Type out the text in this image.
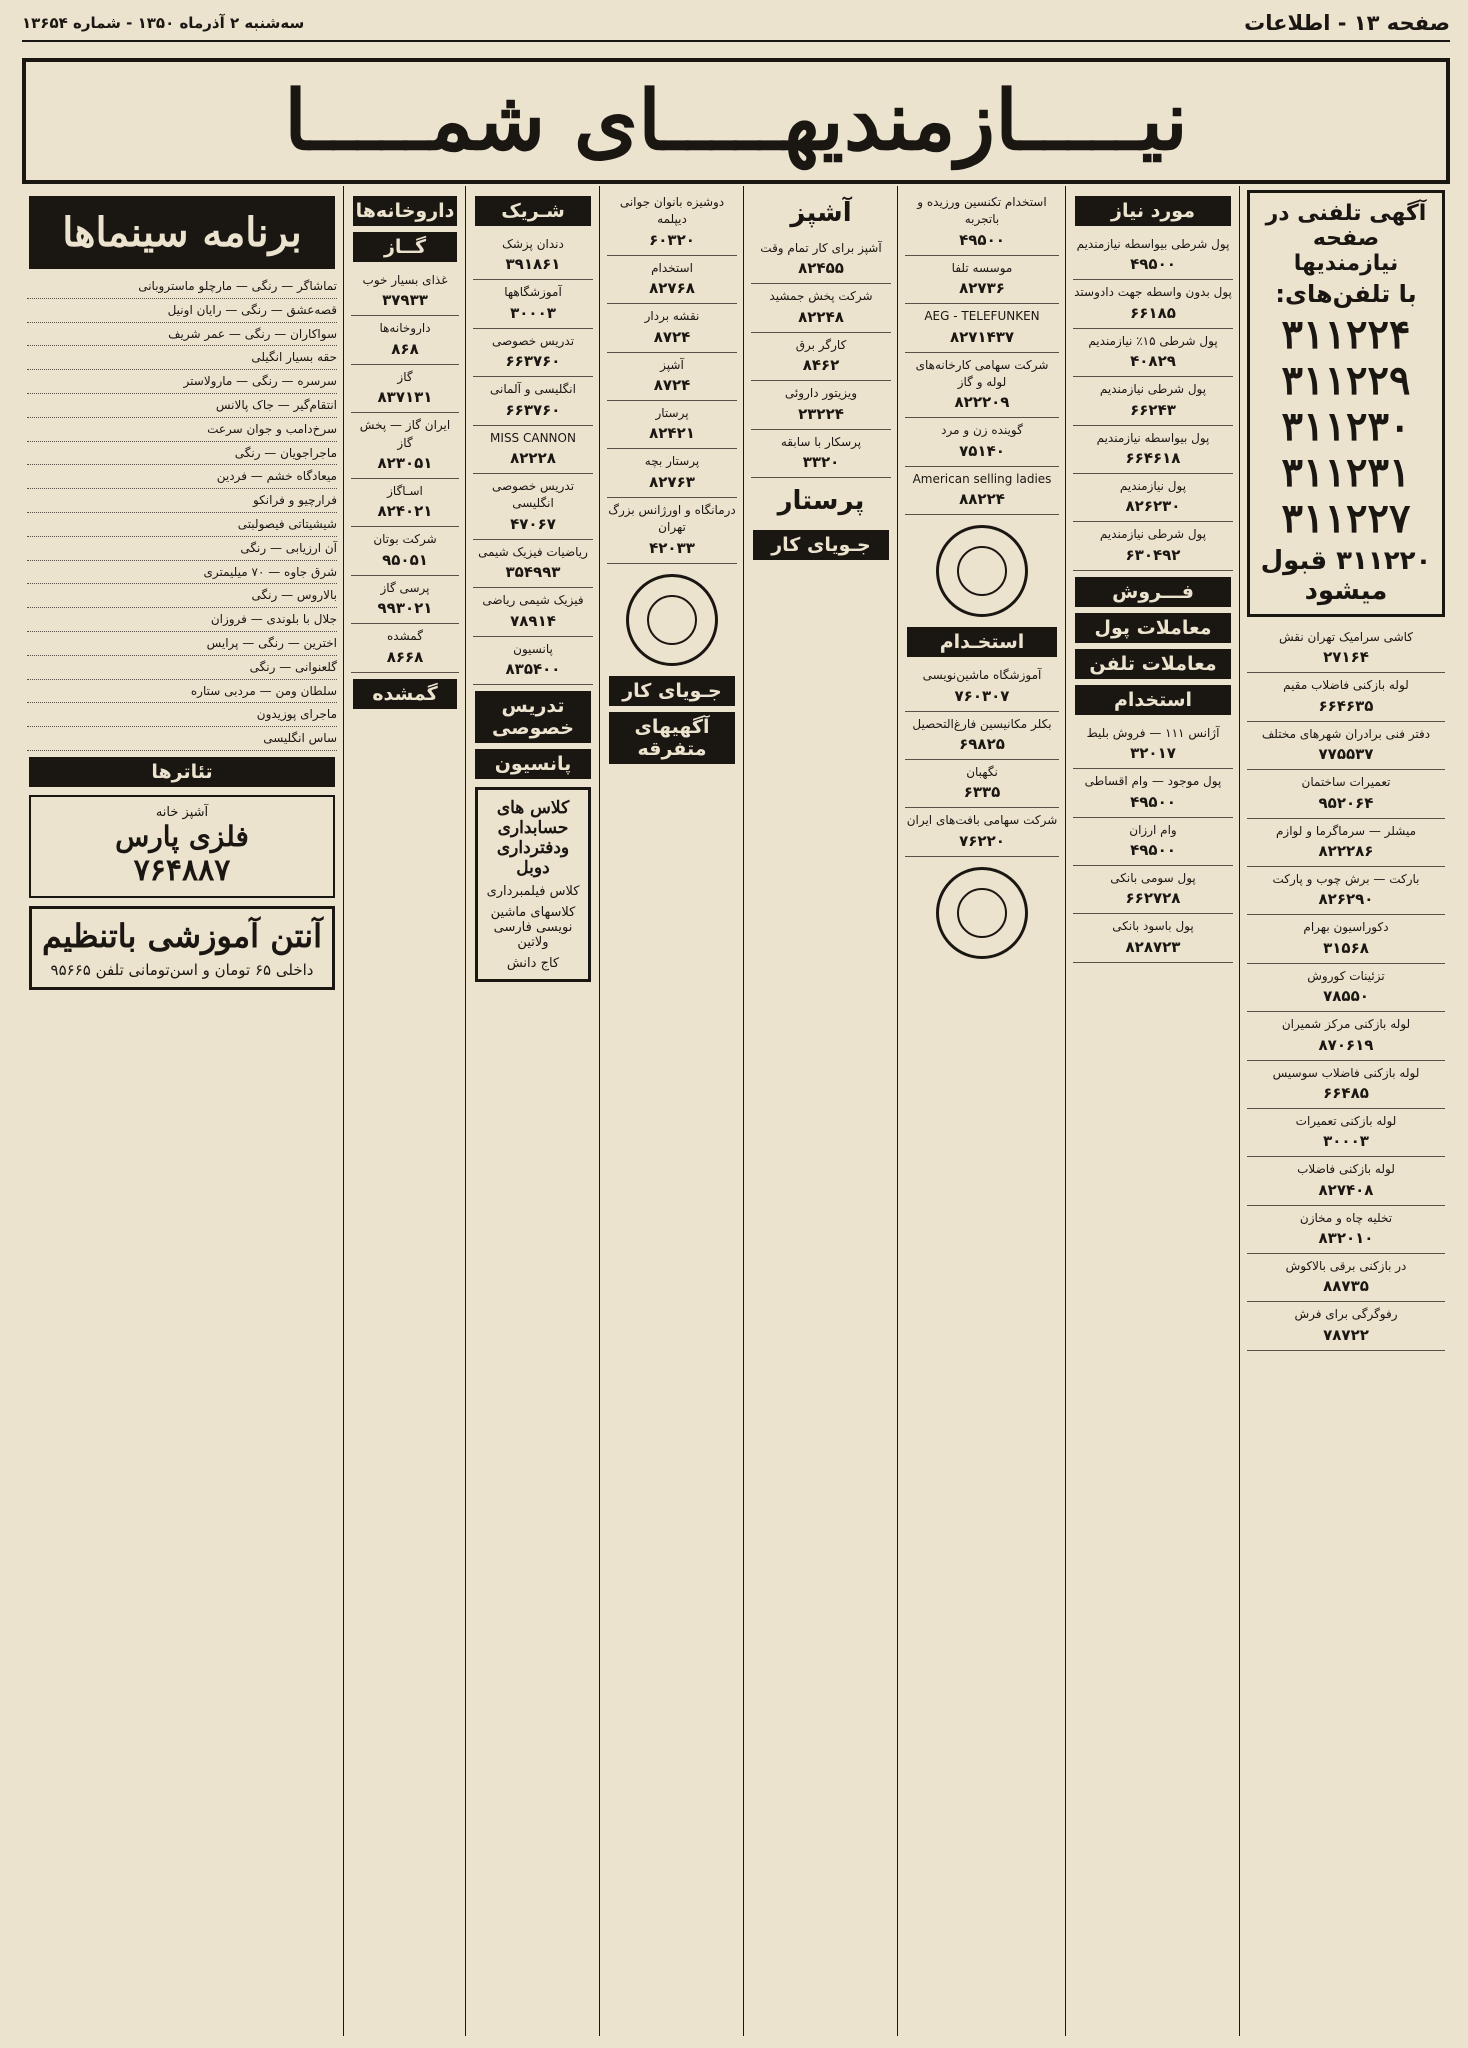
صفحه ۱۳ - اطلاعات
سه‌شنبه ۲ آذرماه ۱۳۵۰ - شماره ۱۳۶۵۴
نیـــــازمندیهـــــای شمـــــا
آگهی تلفنی در صفحه نیازمندیها
با تلفن‌های:
۳۱۱۲۲۴
۳۱۱۲۲۹
۳۱۱۲۳۰
۳۱۱۲۳۱
۳۱۱۲۲۷
۳۱۱۲۲۰ قبول میشود
کاشی سرامیک تهران نقش
۲۷۱۶۴
لوله بازکنی فاضلاب مقیم
۶۶۴۶۳۵
دفتر فنی برادران شهرهای مختلف
۷۷۵۵۳۷
تعمیرات ساختمان
۹۵۲۰۶۴
میشلر — سرماگرما و لوازم
۸۲۲۲۸۶
بارکت — برش چوب و پارکت
۸۲۶۲۹۰
دکوراسیون بهرام
۳۱۵۶۸
تزئینات کوروش
۷۸۵۵۰
لوله بازکنی مرکز شمیران
۸۷۰۶۱۹
لوله بازکنی فاضلاب سوسیس
۶۶۴۸۵
لوله بازکنی تعمیرات
۳۰۰۰۳
لوله بازکنی فاضلاب
۸۲۷۴۰۸
تخلیه چاه و مخازن
۸۳۲۰۱۰
در بازکنی برقی بالاکوش
۸۸۷۳۵
رفوگرگی برای فرش
۷۸۷۲۲
مورد نیاز
پول شرطی بیواسطه نیازمندیم
۴۹۵۰۰
پول بدون واسطه جهت دادوستد
۶۶۱۸۵
پول شرطی ۱۵٪ نیازمندیم
۴۰۸۲۹
پول شرطی نیازمندیم
۶۶۲۴۳
پول بیواسطه نیازمندیم
۶۶۴۶۱۸
پول نیازمندیم
۸۲۶۲۳۰
پول شرطی نیازمندیم
۶۳۰۴۹۲
فـــروش
معاملات پول
معاملات تلفن
استخدام
آژانس ۱۱۱ — فروش بلیط
۳۲۰۱۷
پول موجود — وام اقساطی
۴۹۵۰۰
وام ارزان
۴۹۵۰۰
پول سومی بانکی
۶۶۲۷۲۸
پول باسود بانکی
۸۲۸۷۲۳
استخدام تکنسین ورزیده و باتجربه
۴۹۵۰۰
موسسه تلفا
۸۲۷۳۶
AEG - TELEFUNKEN
۸۲۷۱۴۳۷
شرکت سهامی کارخانه‌های لوله و گاز
۸۲۲۲۰۹
گوینده زن و مرد
۷۵۱۴۰
American selling ladies
۸۸۲۲۴
استخـدام
آموزشگاه ماشین‌نویسی
۷۶۰۳۰۷
بکلر مکانیسین فارغ‌التحصیل
۶۹۸۲۵
نگهبان
۶۳۳۵
شرکت سهامی بافت‌های ایران
۷۶۲۲۰
آشپز
آشپز برای کار تمام وقت
۸۲۴۵۵
شرکت پخش جمشید
۸۲۲۴۸
کارگر برق
۸۴۶۲
ویزیتور داروئی
۲۳۲۲۴
پرسکار با سابقه
۳۳۲۰
پرستار
جـویای کار
دوشیزه بانوان جوانی دیپلمه
۶۰۳۲۰
استخدام
۸۲۷۶۸
نقشه بردار
۸۷۲۴
آشپز
۸۷۲۴
پرستار
۸۲۴۲۱
پرستار بچه
۸۲۷۶۳
درمانگاه و اورژانس بزرگ تهران
۴۲۰۳۳
جـویای کار
آگهیهای متفرقه
شـریک
دندان پزشک
۳۹۱۸۶۱
آموزشگاهها
۳۰۰۰۳
تدریس خصوصی
۶۶۳۷۶۰
انگلیسی و آلمانی
۶۶۳۷۶۰
MISS CANNON
۸۲۲۲۸
تدریس خصوصی انگلیسی
۴۷۰۶۷
ریاضیات فیزیک شیمی
۳۵۴۹۹۳
فیزیک شیمی ریاضی
۷۸۹۱۴
پانسیون
۸۳۵۴۰۰
تدریس خصوصی
پانسیون
کلاس های حسابداری ودفترداری دوبل
کلاس فیلمبرداری
کلاسهای ماشین نویسی فارسی ولاتین
کاج دانش
داروخانه‌ها
گــاز
غذای بسیار خوب
۳۷۹۳۳
داروخانه‌ها
۸۶۸
گاز
۸۳۷۱۳۱
ایران گاز — پخش گاز
۸۲۳۰۵۱
اسـاگاز
۸۲۴۰۲۱
شرکت بوتان
۹۵۰۵۱
پرسی گاز
۹۹۳۰۲۱
گمشده
۸۶۶۸
گمشده
برنامه سینماها
تماشاگر — رنگی — مارچلو ماستروبانی
قصه‌عشق — رنگی — رایان اونیل
سواکاران — رنگی — عمر شریف
حقه بسیار انگیلی
سرسره — رنگی — مارولاستر
انتقام‌گیر — جاک پالانس
سرخ‌دامب و جوان سرعت
ماجراجویان — رنگی
میعادگاه خشم — فردین
فرارچیو و فرانکو
شیشیتاتی فیصولبتی
آن ارزیابی — رنگی
شرق جاوه — ۷۰ میلیمتری
بالاروس — رنگی
جلال با بلوندی — فروزان
اخترین — رنگی — پرایس
گلعنوانی — رنگی
سلطان ومن — مردبی ستاره
ماجرای پوزیدون
ساس انگلیسی
تئاترها
آشپز خانه
فلزی پارس
۷۶۴۸۸۷
آنتن آموزشی باتنظیم
داخلی ۶۵ تومان و اسن‌تومانی تلفن ۹۵۶۶۵
